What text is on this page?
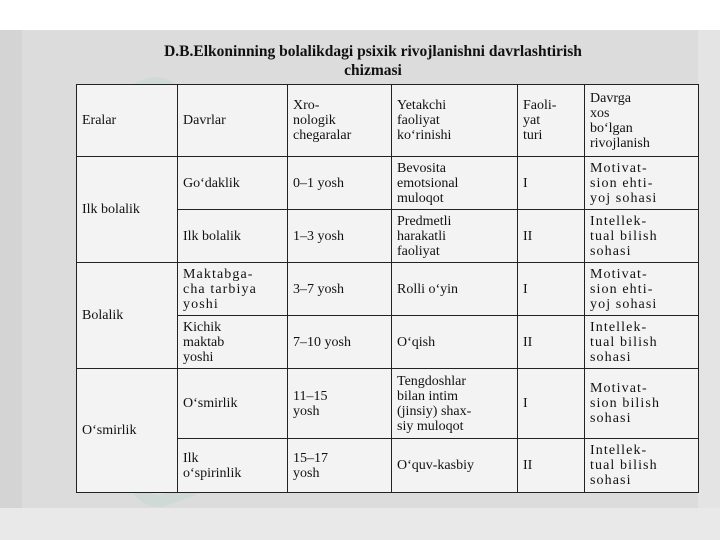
D.B.Elkoninning bolalikdagi psixik rivojlanishni davrlashtirish
chizmasi
Eralar	Davrlar	Xro-
nologik
chegaralar	Yetakchi
faoliyat
ko‘rinishi	Faoli-
yat
turi	Davrga
xos
bo‘lgan
rivojlanish
Ilk bolalik	Go‘daklik	0–1 yosh	Bevosita
emotsional
muloqot	I	Motivat-
sion ehti-
yoj sohasi
	Ilk bolalik	1–3 yosh	Predmetli
harakatli
faoliyat	II	Intellek-
tual bilish
sohasi
Bolalik	Maktabga-
cha tarbiya
yoshi	3–7 yosh	Rolli o‘yin	I	Motivat-
sion ehti-
yoj sohasi
	Kichik
maktab
yoshi	7–10 yosh	O‘qish	II	Intellek-
tual bilish
sohasi
O‘smirlik	O‘smirlik	11–15
yosh	Tengdoshlar
bilan intim
(jinsiy) shax-
siy muloqot	I	Motivat-
sion bilish
sohasi
	Ilk
o‘spirinlik	15–17
yosh	O‘quv-kasbiy	II	Intellek-
tual bilish
sohasi
